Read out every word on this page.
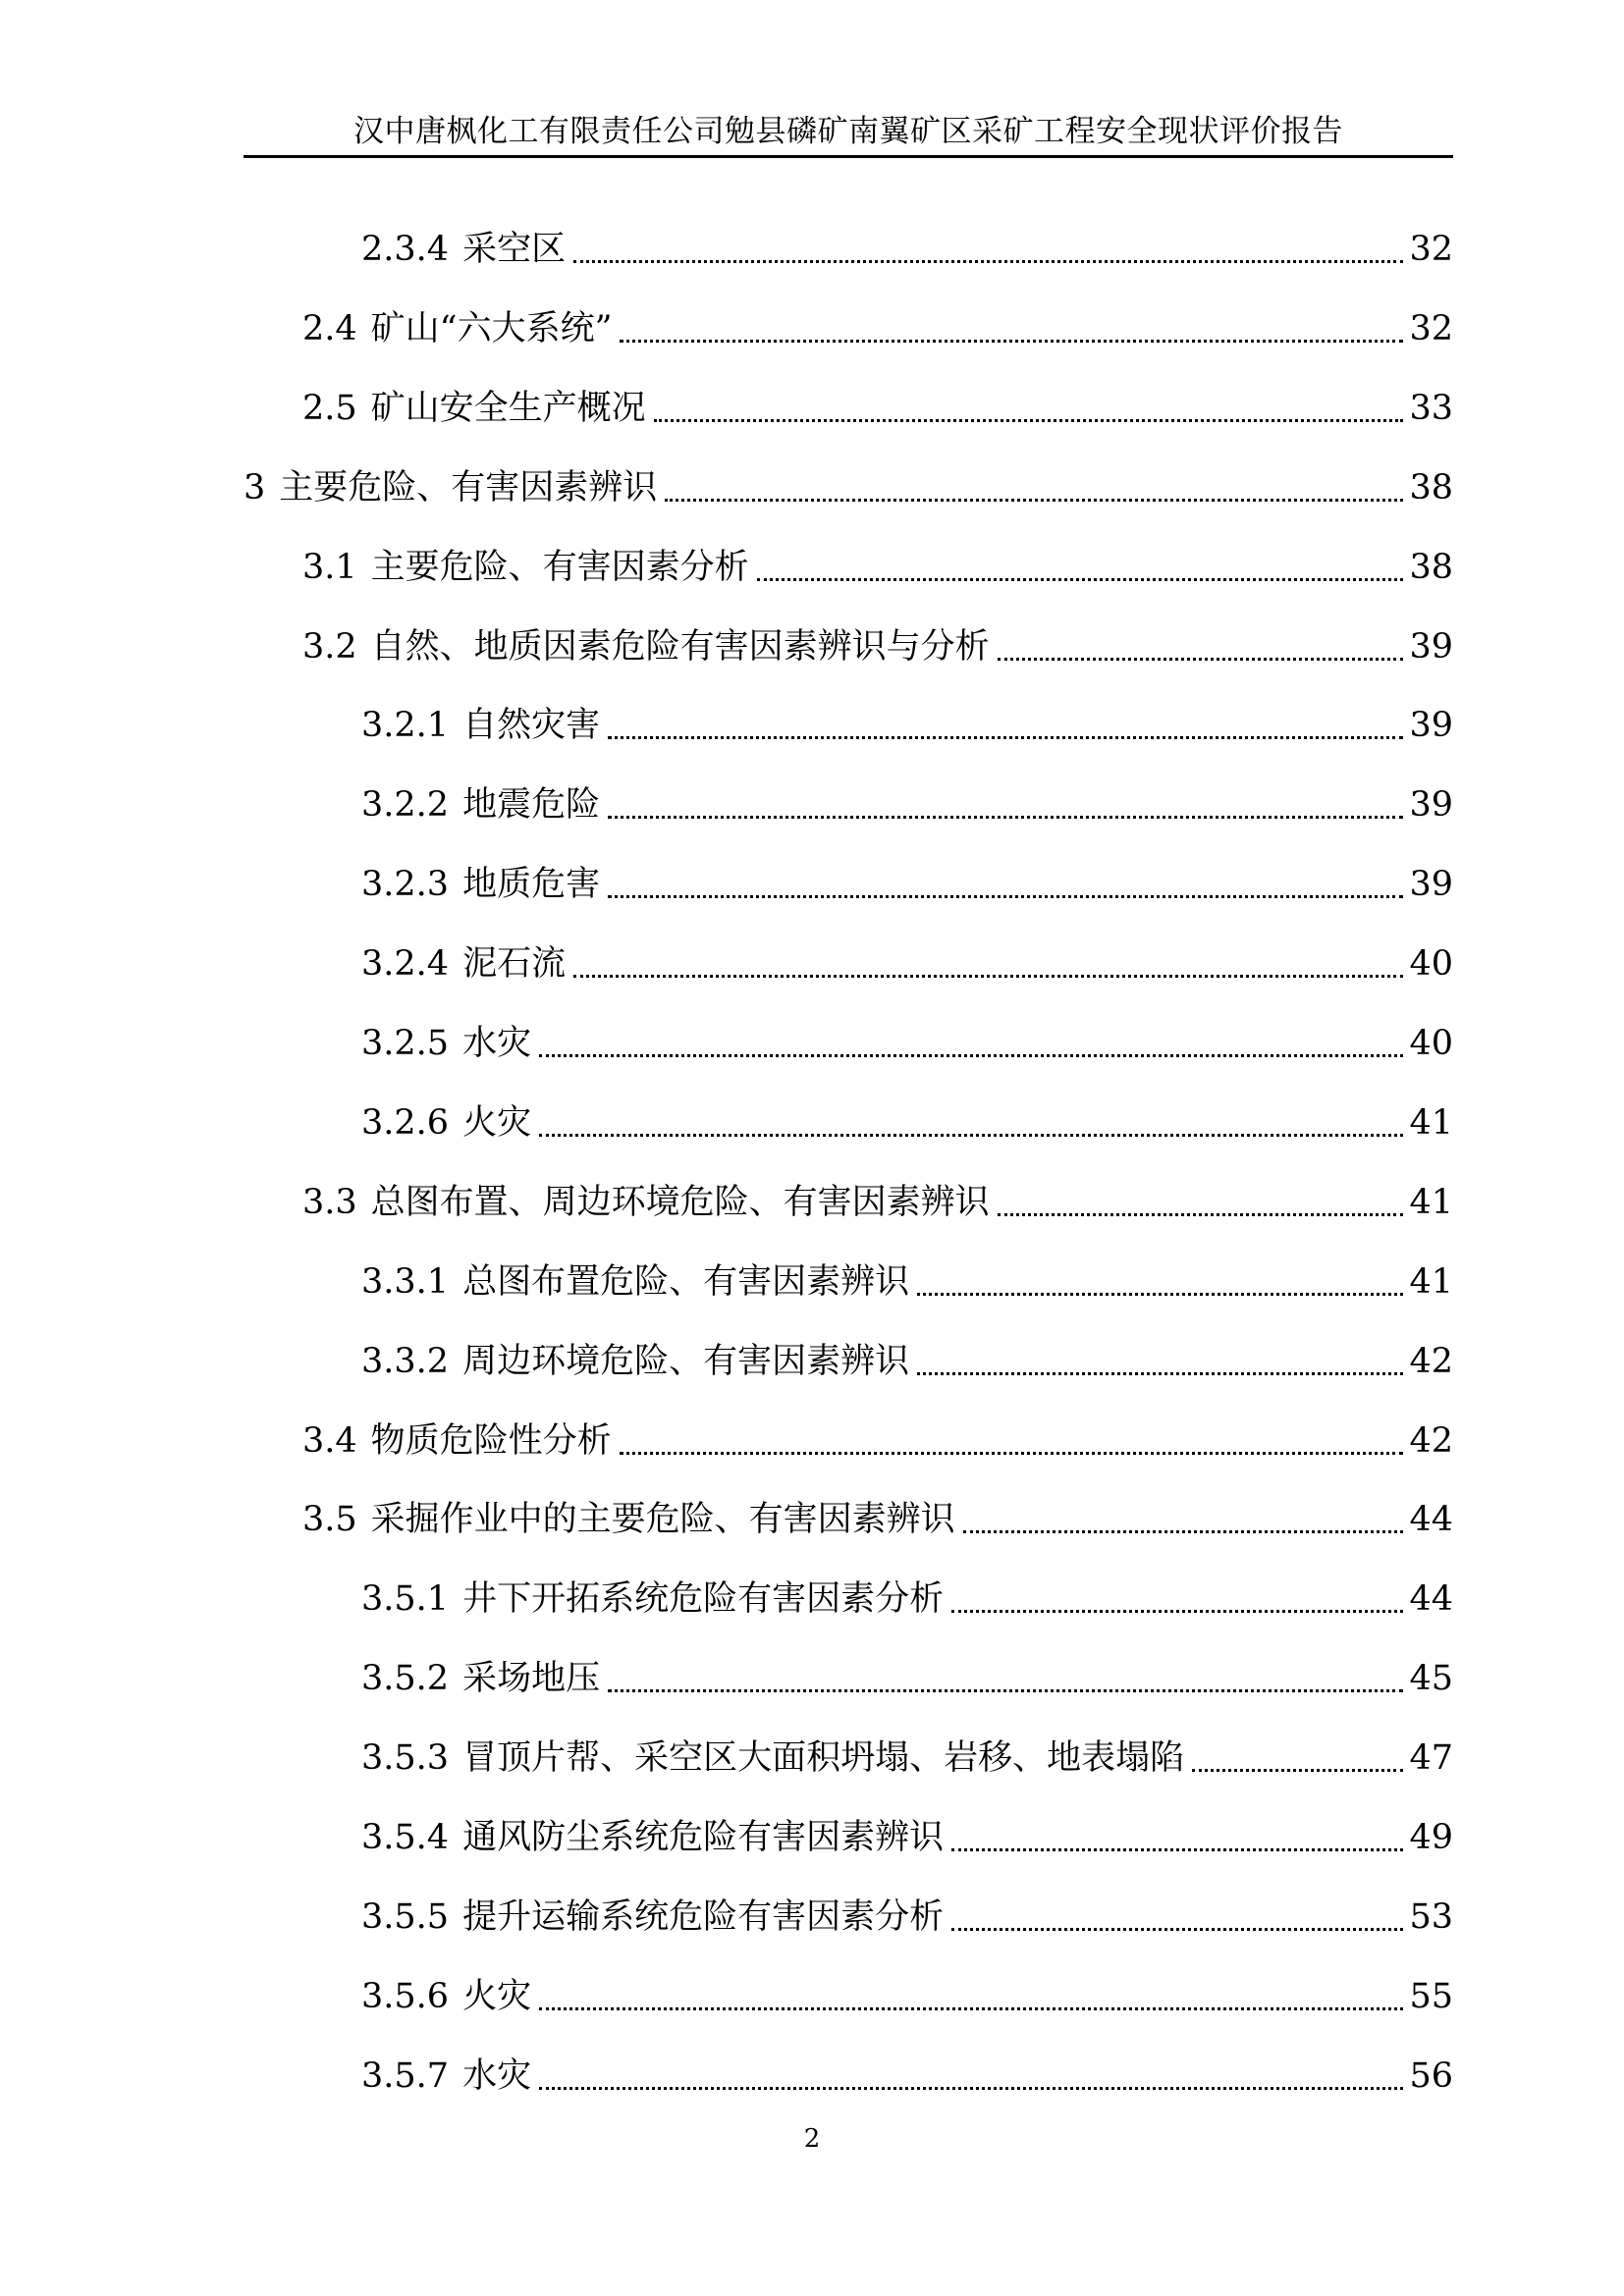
汉中唐枫化工有限责任公司勉县磷矿南翼矿区采矿工程安全现状评价报告
2.3.4 采空区	32
2.4 矿山“六大系统”	32
2.5 矿山安全生产概况	33
3 主要危险、有害因素辨识	38
3.1 主要危险、有害因素分析	38
3.2 自然、地质因素危险有害因素辨识与分析	39
3.2.1 自然灾害	39
3.2.2 地震危险	39
3.2.3 地质危害	39
3.2.4 泥石流	40
3.2.5 水灾	40
3.2.6 火灾	41
3.3 总图布置、周边环境危险、有害因素辨识	41
3.3.1 总图布置危险、有害因素辨识	41
3.3.2 周边环境危险、有害因素辨识	42
3.4 物质危险性分析	42
3.5 采掘作业中的主要危险、有害因素辨识	44
3.5.1 井下开拓系统危险有害因素分析	44
3.5.2 采场地压	45
3.5.3 冒顶片帮、采空区大面积坍塌、岩移、地表塌陷	47
3.5.4 通风防尘系统危险有害因素辨识	49
3.5.5 提升运输系统危险有害因素分析	53
3.5.6 火灾	55
3.5.7 水灾	56
2
